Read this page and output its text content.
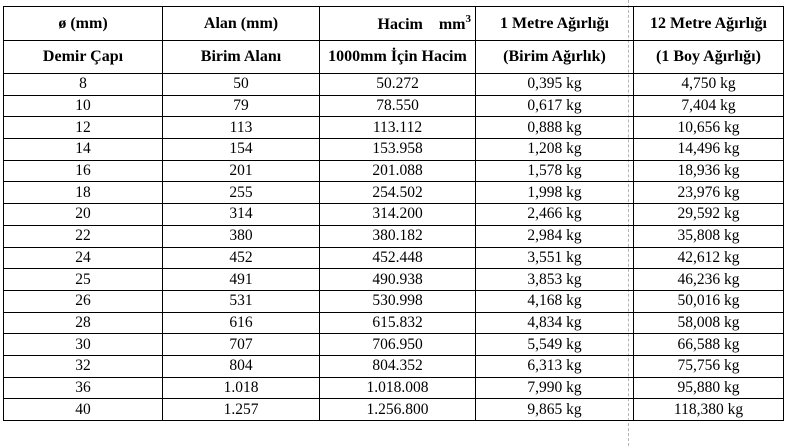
ø (mm)	Alan (mm)	Hacim $mm^3$	1 Metre Ağırlığı	12 Metre Ağırlığı
Demir Çapı	Birim Alanı	1000mm İçin Hacim	(Birim Ağırlık)	(1 Boy Ağırlığı)
8	50	50.272	0,395 kg	4,750 kg
10	79	78.550	0,617 kg	7,404 kg
12	113	113.112	0,888 kg	10,656 kg
14	154	153.958	1,208 kg	14,496 kg
16	201	201.088	1,578 kg	18,936 kg
18	255	254.502	1,998 kg	23,976 kg
20	314	314.200	2,466 kg	29,592 kg
22	380	380.182	2,984 kg	35,808 kg
24	452	452.448	3,551 kg	42,612 kg
25	491	490.938	3,853 kg	46,236 kg
26	531	530.998	4,168 kg	50,016 kg
28	616	615.832	4,834 kg	58,008 kg
30	707	706.950	5,549 kg	66,588 kg
32	804	804.352	6,313 kg	75,756 kg
36	1.018	1.018.008	7,990 kg	95,880 kg
40	1.257	1.256.800	9,865 kg	118,380 kg
